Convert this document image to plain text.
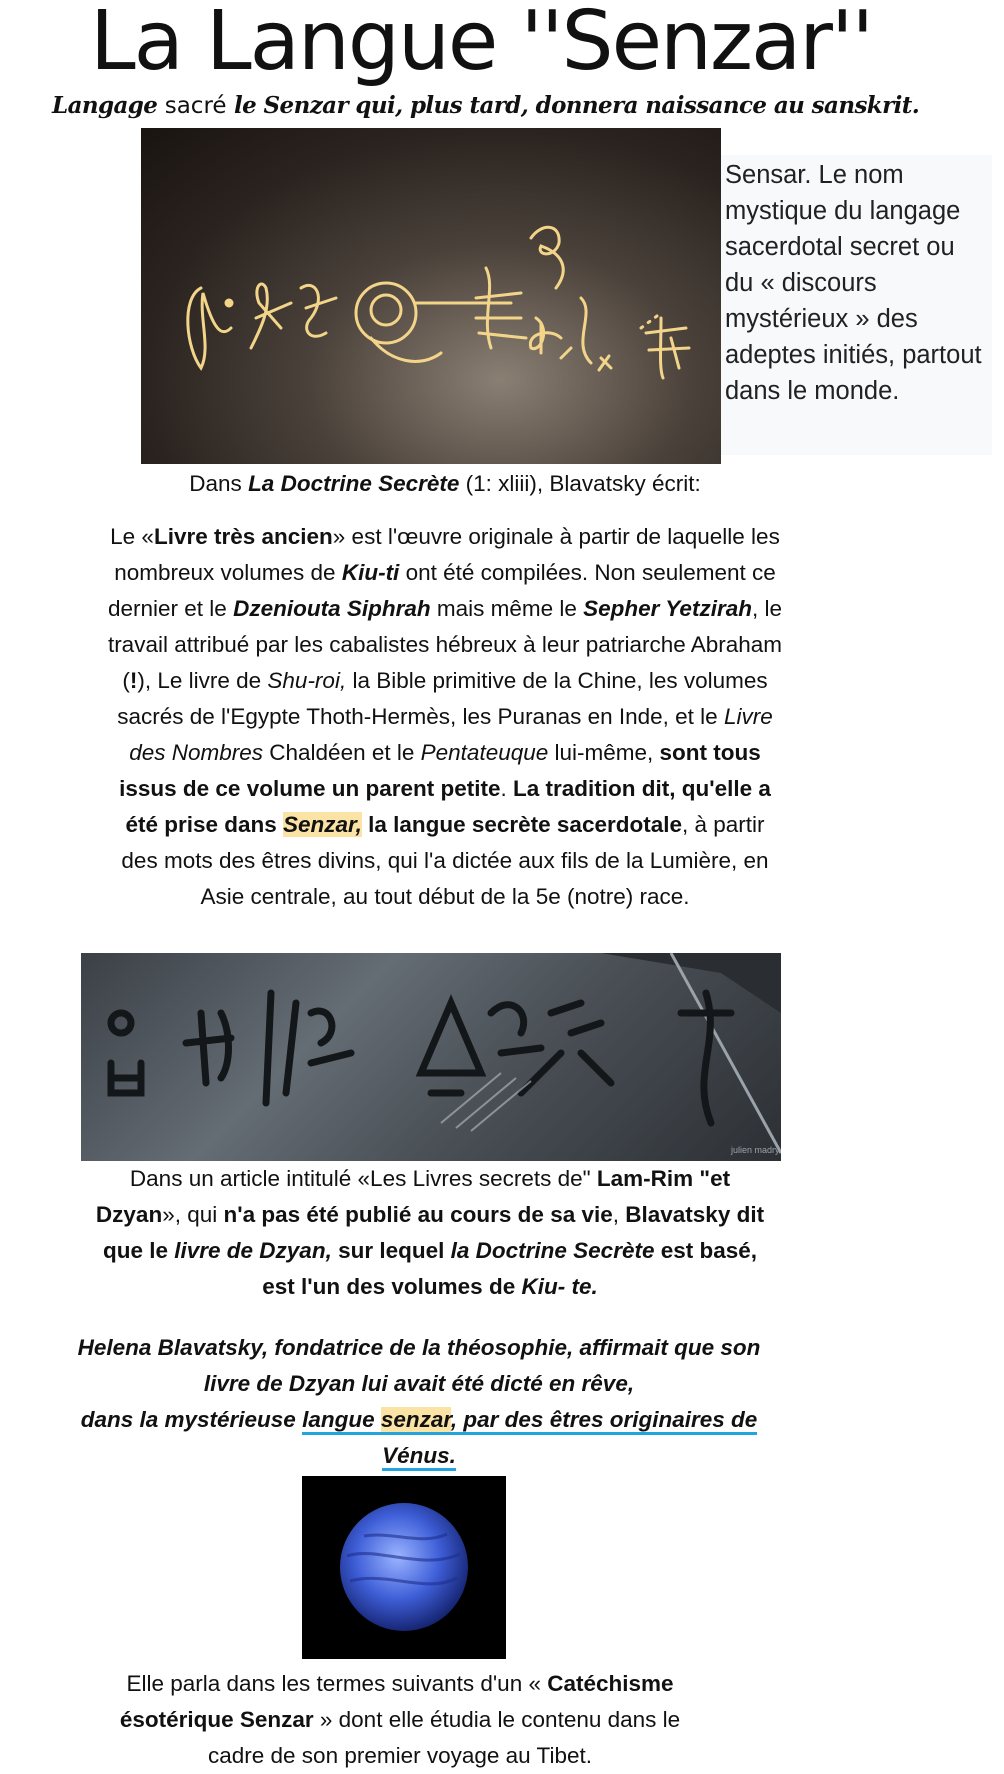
La Langue ''Senzar''
Langage sacré le Senzar qui, plus tard, donnera naissance au sanskrit.
Sensar. Le nom mystique du langage sacerdotal secret ou du « discours mystérieux » des adeptes initiés, partout dans le monde.
Dans La Doctrine Secrète (1: xliii), Blavatsky écrit:
Le «Livre très ancien» est l'œuvre originale à partir de laquelle les nombreux volumes de Kiu-ti ont été compilées. Non seulement ce dernier et le Dzeniouta Siphrah mais même le Sepher Yetzirah, le travail attribué par les cabalistes hébreux à leur patriarche Abraham (!), Le livre de Shu-roi, la Bible primitive de la Chine, les volumes sacrés de l'Egypte Thoth-Hermès, les Puranas en Inde, et le Livre des Nombres Chaldéen et le Pentateuque lui-même, sont tous issus de ce volume un parent petite. La tradition dit, qu'elle a été prise dans Senzar, la langue secrète sacerdotale, à partir des mots des êtres divins, qui l'a dictée aux fils de la Lumière, en Asie centrale, au tout début de la 5e (notre) race.
julien madry
Dans un article intitulé «Les Livres secrets de" Lam-Rim "et Dzyan», qui n'a pas été publié au cours de sa vie, Blavatsky dit que le livre de Dzyan, sur lequel la Doctrine Secrète est basé, est l'un des volumes de Kiu- te.
Helena Blavatsky, fondatrice de la théosophie, affirmait que son livre de Dzyan lui avait été dicté en rêve,
dans la mystérieuse langue senzar, par des êtres originaires de Vénus.
Elle parla dans les termes suivants d'un « Catéchisme ésotérique Senzar » dont elle étudia le contenu dans le cadre de son premier voyage au Tibet.
